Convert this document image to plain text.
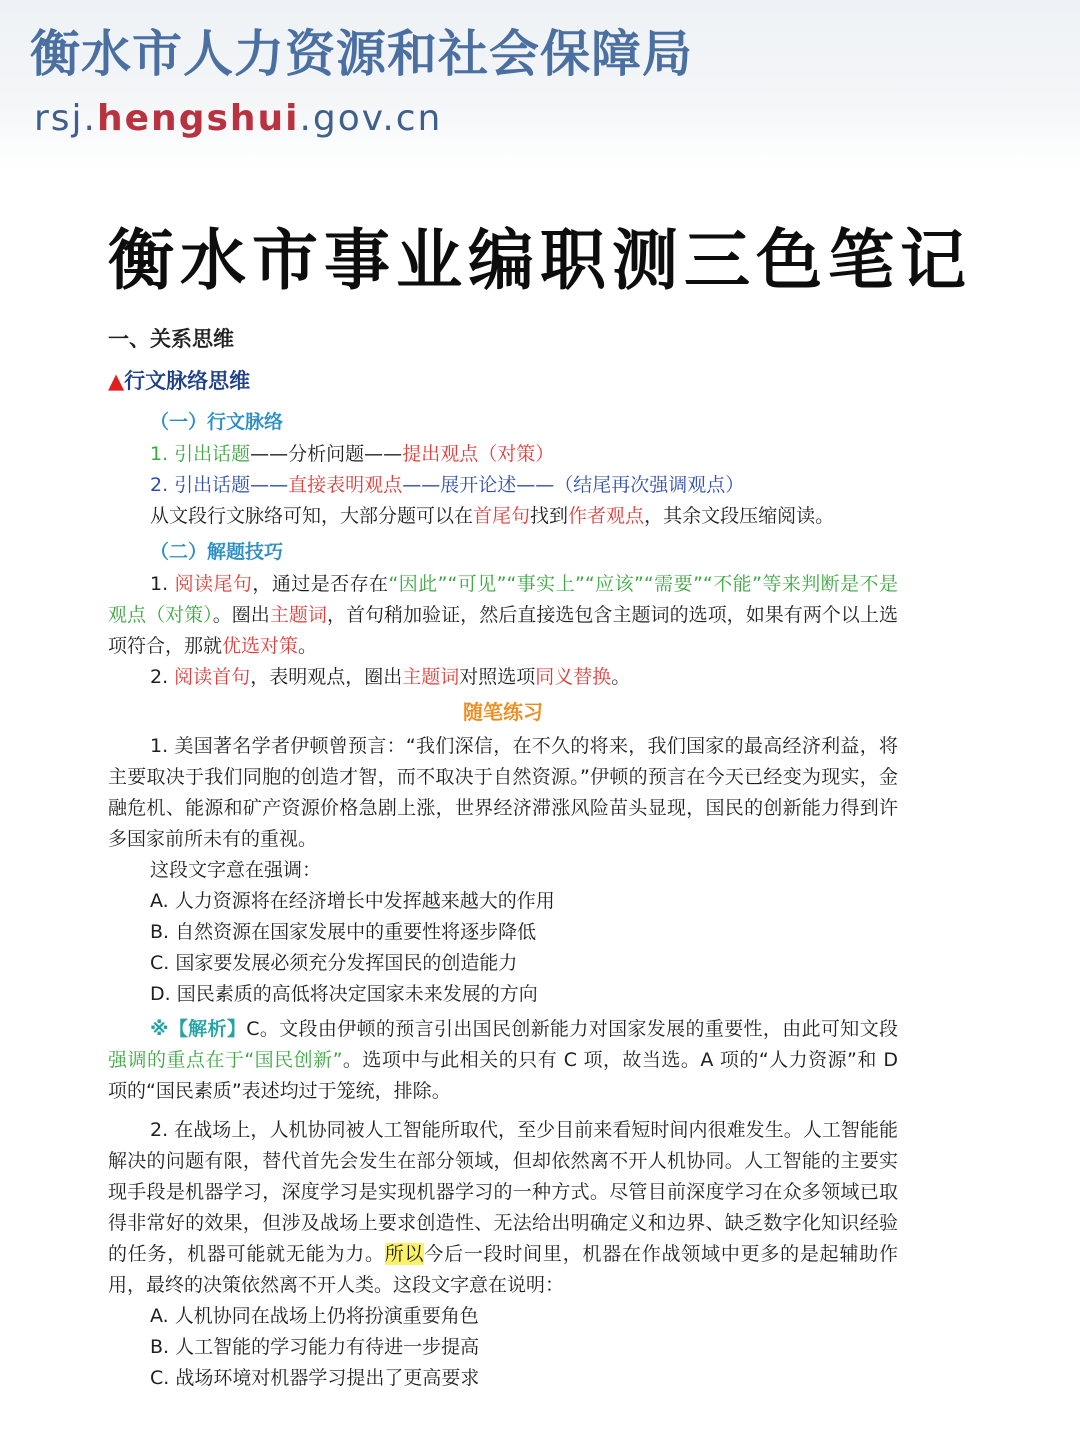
衡水市人力资源和社会保障局
rsj.hengshui.gov.cn
衡水市事业编职测三色笔记
一、关系思维
▲行文脉络思维
（一）行文脉络
1. 引出话题——分析问题——提出观点（对策）
2. 引出话题——直接表明观点——展开论述——（结尾再次强调观点）
从文段行文脉络可知，大部分题可以在首尾句找到作者观点，其余文段压缩阅读。
（二）解题技巧
1. 阅读尾句，通过是否存在“因此”“可见”“事实上”“应该”“需要”“不能”等来判断是不是观点（对策）。圈出主题词，首句稍加验证，然后直接选包含主题词的选项，如果有两个以上选项符合，那就优选对策。
2. 阅读首句，表明观点，圈出主题词对照选项同义替换。
随笔练习
1. 美国著名学者伊顿曾预言：“我们深信，在不久的将来，我们国家的最高经济利益，将主要取决于我们同胞的创造才智，而不取决于自然资源。”伊顿的预言在今天已经变为现实，金融危机、能源和矿产资源价格急剧上涨，世界经济滞涨风险苗头显现，国民的创新能力得到许多国家前所未有的重视。
这段文字意在强调：
A. 人力资源将在经济增长中发挥越来越大的作用
B. 自然资源在国家发展中的重要性将逐步降低
C. 国家要发展必须充分发挥国民的创造能力
D. 国民素质的高低将决定国家未来发展的方向
※【解析】C。文段由伊顿的预言引出国民创新能力对国家发展的重要性，由此可知文段强调的重点在于“国民创新”。选项中与此相关的只有 C 项，故当选。A 项的“人力资源”和 D 项的“国民素质”表述均过于笼统，排除。
2. 在战场上，人机协同被人工智能所取代，至少目前来看短时间内很难发生。人工智能能解决的问题有限，替代首先会发生在部分领域，但却依然离不开人机协同。人工智能的主要实现手段是机器学习，深度学习是实现机器学习的一种方式。尽管目前深度学习在众多领域已取得非常好的效果，但涉及战场上要求创造性、无法给出明确定义和边界、缺乏数字化知识经验的任务，机器可能就无能为力。所以今后一段时间里，机器在作战领域中更多的是起辅助作用，最终的决策依然离不开人类。这段文字意在说明：
A. 人机协同在战场上仍将扮演重要角色
B. 人工智能的学习能力有待进一步提高
C. 战场环境对机器学习提出了更高要求
